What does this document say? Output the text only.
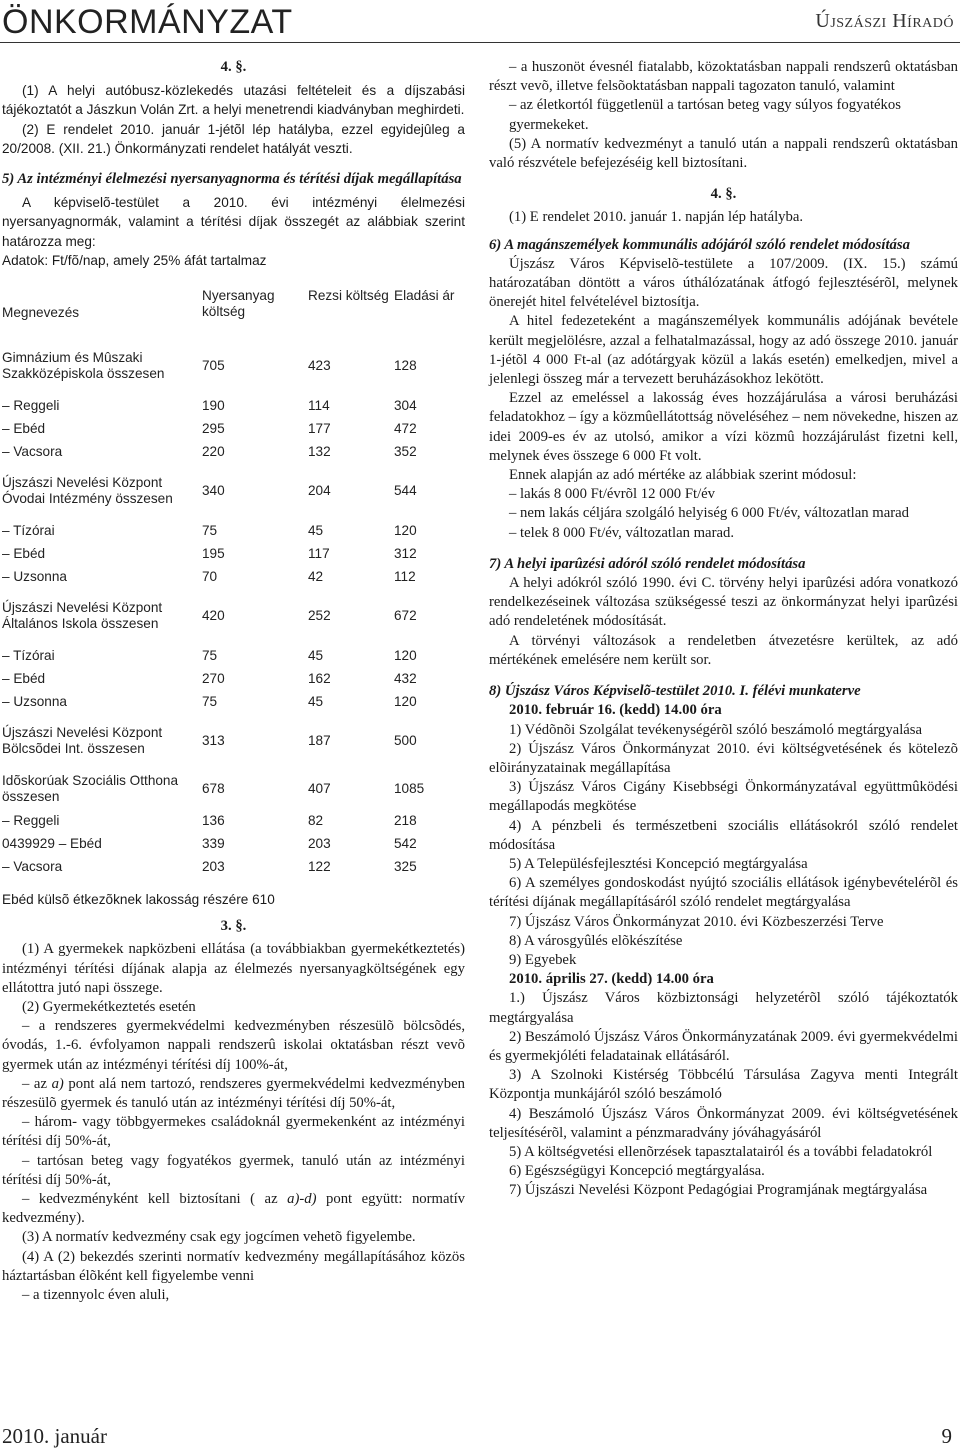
ÖNKORMÁNYZAT	Újszászi Híradó

4. §.

(1) A helyi autóbusz-közlekedés utazási feltételeit és a díjszabási tájékoztatót a Jászkun Volán Zrt. a helyi menetrendi kiadványban meghirdeti.

(2) E rendelet 2010. január 1-jétõl lép hatályba, ezzel egyidejûleg a 20/2008. (XII. 21.) Önkormányzati rendelet hatályát veszti.

5) Az intézményi élelmezési nyersanyagnorma és térítési díjak megállapítása

A képviselõ-testület a 2010. évi intézményi élelmezési nyersanyagnormák, valamint a térítési díjak összegét az alábbiak szerint határozza meg:

Adatok: Ft/fõ/nap, amely 25% áfát tartalmaz

Megnevezés	Nyersanyag költség	Rezsi költség	Eladási ár
Gimnázium és Mûszaki Szakközépiskola összesen	705	423	128
– Reggeli	190	114	304
– Ebéd	295	177	472
– Vacsora	220	132	352
Újszászi Nevelési Központ Óvodai Intézmény összesen	340	204	544
– Tízórai	75	45	120
– Ebéd	195	117	312
– Uzsonna	70	42	112
Újszászi Nevelési Központ Általános Iskola összesen	420	252	672
– Tízórai	75	45	120
– Ebéd	270	162	432
– Uzsonna	75	45	120
Újszászi Nevelési Központ Bölcsõdei Int. összesen	313	187	500
Idõskorúak Szociális Otthona összesen	678	407	1085
– Reggeli	136	82	218
0439929 – Ebéd	339	203	542
– Vacsora	203	122	325

Ebéd külsõ étkezõknek lakosság részére 610

3. §.

(1) A gyermekek napközbeni ellátása (a továbbiakban gyermekétkeztetés) intézményi térítési díjának alapja az élelmezés nyersanyagköltségének egy ellátottra jutó napi összege.

(2) Gyermekétkeztetés esetén

– a rendszeres gyermekvédelmi kedvezményben részesülõ bölcsõdés, óvodás, 1.-6. évfolyamon nappali rendszerû iskolai oktatásban részt vevõ gyermek után az intézményi térítési díj 100%-át,

– az a) pont alá nem tartozó, rendszeres gyermekvédelmi kedvezményben részesülõ gyermek és tanuló után az intézményi térítési díj 50%-át,

– három- vagy többgyermekes családoknál gyermekenként az intézményi térítési díj 50%-át,

– tartósan beteg vagy fogyatékos gyermek, tanuló után az intézményi térítési díj 50%-át,

– kedvezményként kell biztosítani ( az a)-d) pont együtt: normatív kedvezmény).

(3) A normatív kedvezmény csak egy jogcímen vehetõ figyelembe.

(4) A (2) bekezdés szerinti normatív kedvezmény megállapításához közös háztartásban élõként kell figyelembe venni

– a tizennyolc éven aluli,

– a huszonöt évesnél fiatalabb, közoktatásban nappali rendszerû oktatásban részt vevõ, illetve felsõoktatásban nappali tagozaton tanuló, valamint

– az életkortól függetlenül a tartósan beteg vagy súlyos fogyatékos

gyermekeket.

(5) A normatív kedvezményt a tanuló után a nappali rendszerû oktatásban való részvétele befejezéséig kell biztosítani.

4. §.

(1) E rendelet 2010. január 1. napján lép hatályba.

6) A magánszemélyek kommunális adójáról szóló rendelet módosítása

Újszász Város Képviselõ-testülete a 107/2009. (IX. 15.) számú határozatában döntött a város úthálózatának átfogó fejlesztésérõl, melynek önerejét hitel felvételével biztosítja.

A hitel fedezeteként a magánszemélyek kommunális adójának bevétele került megjelölésre, azzal a felhatalmazással, hogy az adó összege 2010. január 1-jétõl 4 000 Ft-al (az adótárgyak közül a lakás esetén) emelkedjen, mivel a jelenlegi összeg már a tervezett beruházásokhoz lekötött.

Ezzel az emeléssel a lakosság éves hozzájárulása a városi beruházási feladatokhoz – így a közmûellátottság növeléséhez – nem növekedne, hiszen az idei 2009-es év az utolsó, amikor a vízi közmû hozzájárulást fizetni kell, melynek éves összege 6 000 Ft volt.

Ennek alapján az adó mértéke az alábbiak szerint módosul:

– lakás 8 000 Ft/évrõl 12 000 Ft/év

– nem lakás céljára szolgáló helyiség 6 000 Ft/év, változatlan marad

– telek 8 000 Ft/év, változatlan marad.

7) A helyi iparûzési adóról szóló rendelet módosítása

A helyi adókról szóló 1990. évi C. törvény helyi iparûzési adóra vonatkozó rendelkezéseinek változása szükségessé teszi az önkormányzat helyi iparûzési adó rendeletének módosítását.

A törvényi változások a rendeletben átvezetésre kerültek, az adó mértékének emelésére nem került sor.

8) Újszász Város Képviselõ-testület 2010. I. félévi munkaterve

2010. február 16. (kedd) 14.00 óra

1) Védõnõi Szolgálat tevékenységérõl szóló beszámoló megtárgyalása

2) Újszász Város Önkormányzat 2010. évi költségvetésének és kötelezõ elõirányzatainak megállapítása

3) Újszász Város Cigány Kisebbségi Önkormányzatával együttmûködési megállapodás megkötése

4) A pénzbeli és természetbeni szociális ellátásokról szóló rendelet módosítása

5) A Településfejlesztési Koncepció megtárgyalása

6) A személyes gondoskodást nyújtó szociális ellátások igénybevételérõl és térítési díjának megállapításáról szóló rendelet megtárgyalása

7) Újszász Város Önkormányzat 2010. évi Közbeszerzési Terve

8) A városgyûlés elõkészítése

9) Egyebek

2010. április 27. (kedd) 14.00 óra

1.) Újszász Város közbiztonsági helyzetérõl szóló tájékoztatók megtárgyalása

2) Beszámoló Újszász Város Önkormányzatának 2009. évi gyermekvédelmi és gyermekjóléti feladatainak ellátásáról.

3) A Szolnoki Kistérség Többcélú Társulása Zagyva menti Integrált Központja munkájáról szóló beszámoló

4) Beszámoló Újszász Város Önkormányzat 2009. évi költségvetésének teljesítésérõl, valamint a pénzmaradvány jóváhagyásáról

5) A költségvetési ellenõrzések tapasztalatairól és a további feladatokról

6) Egészségügyi Koncepció megtárgyalása.

7) Újszászi Nevelési Központ Pedagógiai Programjának megtárgyalása

2010. január	9
